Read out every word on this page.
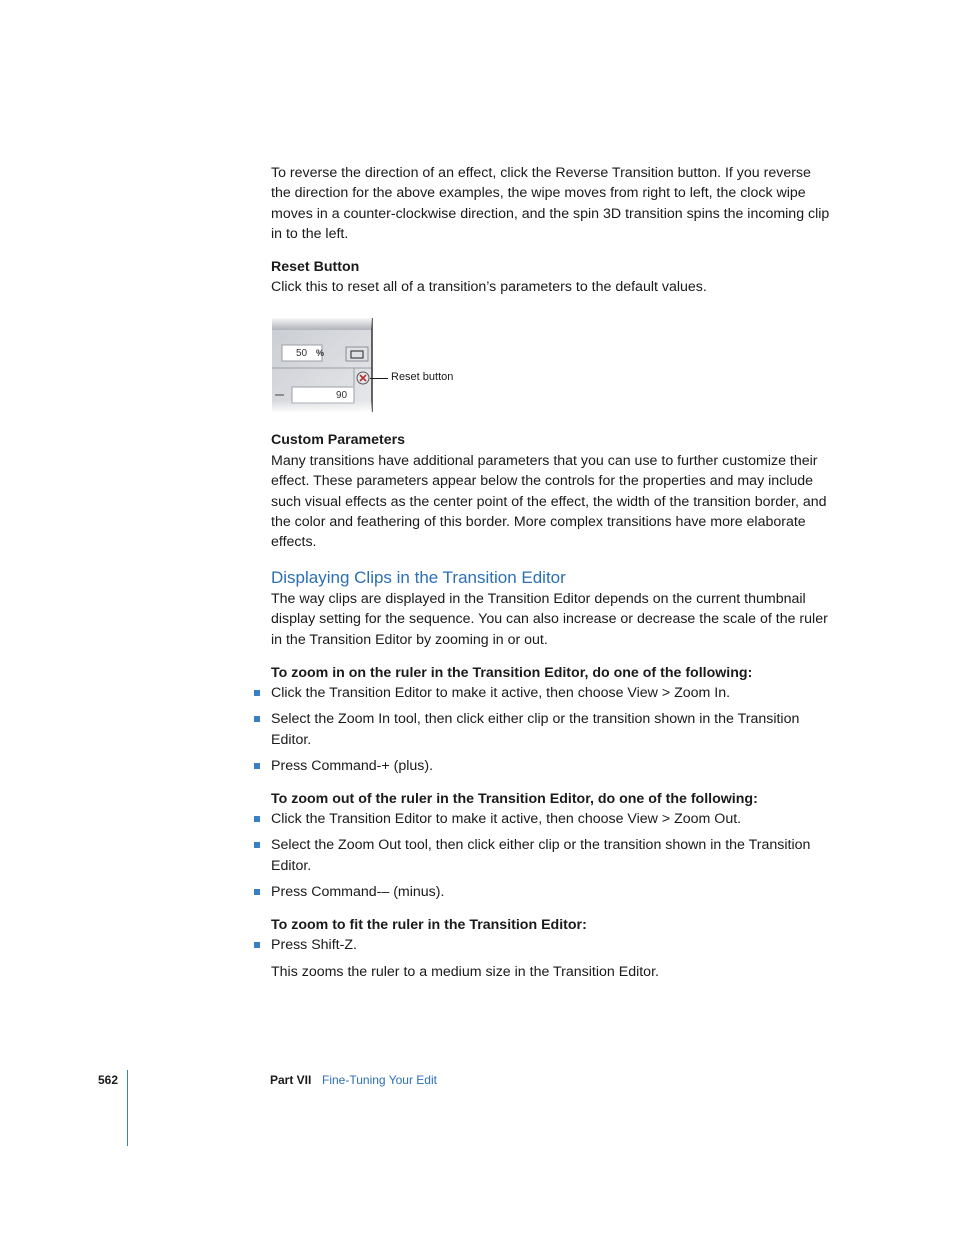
To reverse the direction of an effect, click the Reverse Transition button. If you reverse the direction for the above examples, the wipe moves from right to left, the clock wipe moves in a counter-clockwise direction, and the spin 3D transition spins the incoming clip in to the left.

Reset Button

Click this to reset all of a transition’s parameters to the default values.

50 %
90
Reset button

Custom Parameters

Many transitions have additional parameters that you can use to further customize their effect. These parameters appear below the controls for the properties and may include such visual effects as the center point of the effect, the width of the transition border, and the color and feathering of this border. More complex transitions have more elaborate effects.

Displaying Clips in the Transition Editor

The way clips are displayed in the Transition Editor depends on the current thumbnail display setting for the sequence. You can also increase or decrease the scale of the ruler in the Transition Editor by zooming in or out.

To zoom in on the ruler in the Transition Editor, do one of the following:

Click the Transition Editor to make it active, then choose View > Zoom In.
Select the Zoom In tool, then click either clip or the transition shown in the Transition Editor.
Press Command-+ (plus).

To zoom out of the ruler in the Transition Editor, do one of the following:

Click the Transition Editor to make it active, then choose View > Zoom Out.
Select the Zoom Out tool, then click either clip or the transition shown in the Transition Editor.
Press Command-– (minus).

To zoom to fit the ruler in the Transition Editor:

Press Shift-Z.

This zooms the ruler to a medium size in the Transition Editor.

562	Part VII Fine-Tuning Your Edit
